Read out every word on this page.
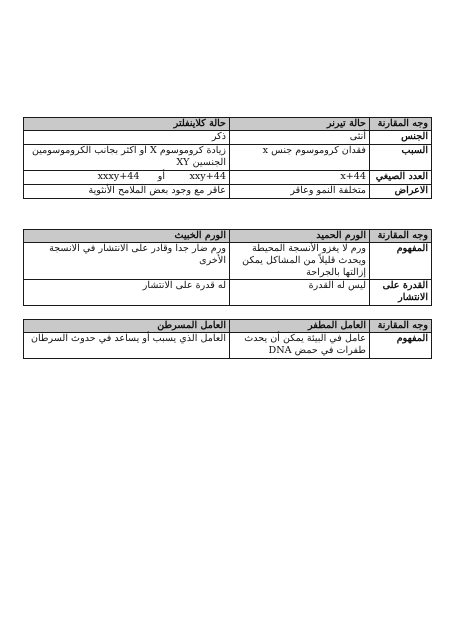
وجه المقارنة	حالة تيرنر	حالة كلاينفلتر
الجنس	أنثى	ذكر
السبب	فقدان كروموسوم جنس x	زيادة كروموسوم X او اكثر بجانب الكروموسومين الجنسين XY
العدد الصيغي	44+x	44+xxy        أو      44+xxxy
الاعراض	متخلفة النمو وعاقر	عاقر مع وجود بعض الملامح الأنثوية
وجه المقارنة	الورم الحميد	الورم الخبيث
المفهوم	ورم لا يغزو الأنسجة المحيطة ويحدث قليلاً من المشاكل يمكن إزالتها بالجراحة	ورم ضار جدا وقادر على الانتشار في الانسجة الأخرى
القدرة على الانتشار	ليس له القدرة	له قدرة على الانتشار
وجه المقارنة	العامل المطفر	العامل المسرطن
المفهوم	عامل في البيئة يمكن أن يحدث طفرات في حمض DNA	العامل الذي يسبب أو يساعد في حدوث السرطان
